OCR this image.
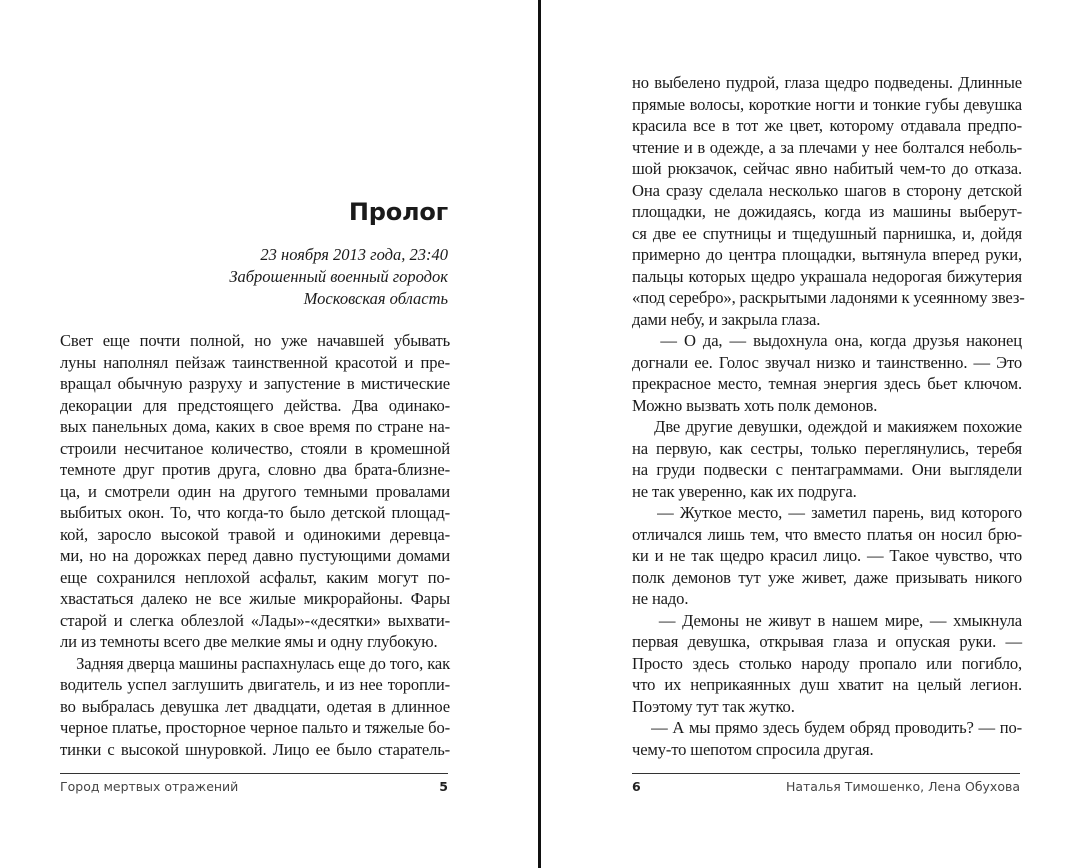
Пролог
23 ноября 2013 года, 23:40
Заброшенный военный городок
Московская область
Свет еще почти полной, но уже начавшей убывать
луны наполнял пейзаж таинственной красотой и пре-
вращал обычную разруху и запустение в мистические
декорации для предстоящего действа. Два одинако-
вых панельных дома, каких в свое время по стране на-
строили несчитаное количество, стояли в кромешной
темноте друг против друга, словно два брата-близне-
ца, и смотрели один на другого темными провалами
выбитых окон. То, что когда-то было детской площад-
кой, заросло высокой травой и одинокими деревца-
ми, но на дорожках перед давно пустующими домами
еще сохранился неплохой асфальт, каким могут по-
хвастаться далеко не все жилые микрорайоны. Фары
старой и слегка облезлой «Лады»-«десятки» выхвати-
ли из темноты всего две мелкие ямы и одну глубокую.
Задняя дверца машины распахнулась еще до того, как
водитель успел заглушить двигатель, и из нее торопли-
во выбралась девушка лет двадцати, одетая в длинное
черное платье, просторное черное пальто и тяжелые бо-
тинки с высокой шнуровкой. Лицо ее было старатель-
Город мертвых отражений	5
но выбелено пудрой, глаза щедро подведены. Длинные
прямые волосы, короткие ногти и тонкие губы девушка
красила все в тот же цвет, которому отдавала предпо-
чтение и в одежде, а за плечами у нее болтался неболь-
шой рюкзачок, сейчас явно набитый чем-то до отказа.
Она сразу сделала несколько шагов в сторону детской
площадки, не дожидаясь, когда из машины выберут-
ся две ее спутницы и тщедушный парнишка, и, дойдя
примерно до центра площадки, вытянула вперед руки,
пальцы которых щедро украшала недорогая бижутерия
«под серебро», раскрытыми ладонями к усеянному звез-
дами небу, и закрыла глаза.
— О да, — выдохнула она, когда друзья наконец
догнали ее. Голос звучал низко и таинственно. — Это
прекрасное место, темная энергия здесь бьет ключом.
Можно вызвать хоть полк демонов.
Две другие девушки, одеждой и макияжем похожие
на первую, как сестры, только переглянулись, теребя
на груди подвески с пентаграммами. Они выглядели
не так уверенно, как их подруга.
— Жуткое место, — заметил парень, вид которого
отличался лишь тем, что вместо платья он носил брю-
ки и не так щедро красил лицо. — Такое чувство, что
полк демонов тут уже живет, даже призывать никого
не надо.
— Демоны не живут в нашем мире, — хмыкнула
первая девушка, открывая глаза и опуская руки. —
Просто здесь столько народу пропало или погибло,
что их неприкаянных душ хватит на целый легион.
Поэтому тут так жутко.
— А мы прямо здесь будем обряд проводить? — по-
чему-то шепотом спросила другая.
6	Наталья Тимошенко, Лена Обухова
